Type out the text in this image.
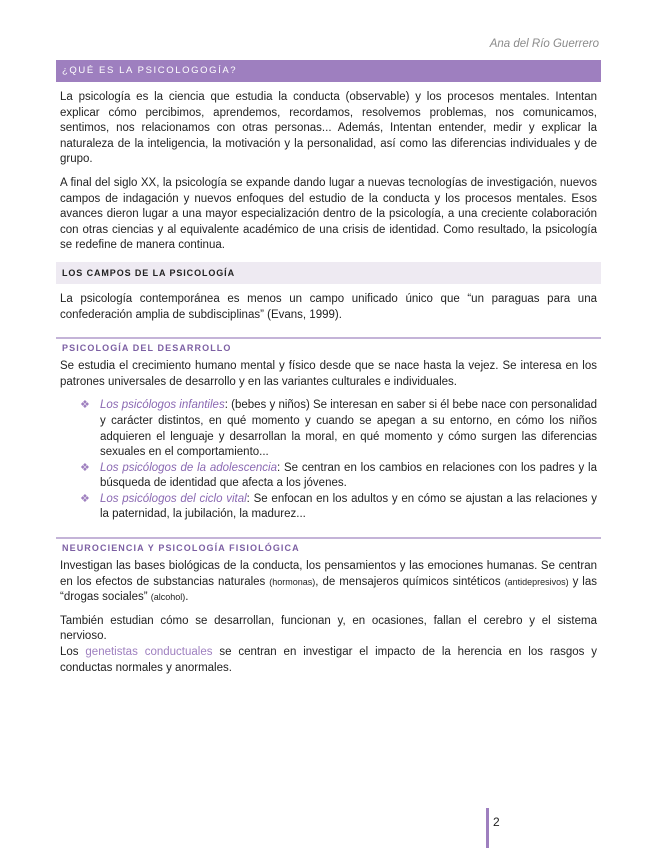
Ana del Río Guerrero
¿QUÉ ES LA PSICOLOGOGÍA?

La psicología es la ciencia que estudia la conducta (observable) y los procesos mentales. Intentan explicar cómo percibimos, aprendemos, recordamos, resolvemos problemas, nos comunicamos, sentimos, nos relacionamos con otras personas... Además, Intentan entender, medir y explicar la naturaleza de la inteligencia, la motivación y la personalidad, así como las diferencias individuales y de grupo.

A final del siglo XX, la psicología se expande dando lugar a nuevas tecnologías de investigación, nuevos campos de indagación y nuevos enfoques del estudio de la conducta y los procesos mentales. Esos avances dieron lugar a una mayor especialización dentro de la psicología, a una creciente colaboración con otras ciencias y al equivalente académico de una crisis de identidad. Como resultado, la psicología se redefine de manera continua.

LOS CAMPOS DE LA PSICOLOGÍA

La psicología contemporánea es menos un campo unificado único que “un paraguas para una confederación amplia de subdisciplinas” (Evans, 1999).

PSICOLOGÍA DEL DESARROLLO

Se estudia el crecimiento humano mental y físico desde que se nace hasta la vejez. Se interesa en los patrones universales de desarrollo y en las variantes culturales e individuales.

❖ Los psicólogos infantiles: (bebes y niños) Se interesan en saber si él bebe nace con personalidad y carácter distintos, en qué momento y cuando se apegan a su entorno, en cómo los niños adquieren el lenguaje y desarrollan la moral, en qué momento y cómo surgen las diferencias sexuales en el comportamiento...
❖ Los psicólogos de la adolescencia: Se centran en los cambios en relaciones con los padres y la búsqueda de identidad que afecta a los jóvenes.
❖ Los psicólogos del ciclo vital: Se enfocan en los adultos y en cómo se ajustan a las relaciones y la paternidad, la jubilación, la madurez...
NEUROCIENCIA Y PSICOLOGÍA FISIOLÓGICA

Investigan las bases biológicas de la conducta, los pensamientos y las emociones humanas. Se centran en los efectos de substancias naturales (hormonas), de mensajeros químicos sintéticos (antidepresivos) y las “drogas sociales” (alcohol).

También estudian cómo se desarrollan, funcionan y, en ocasiones, fallan el cerebro y el sistema nervioso.

Los genetistas conductuales se centran en investigar el impacto de la herencia en los rasgos y conductas normales y anormales.

2
